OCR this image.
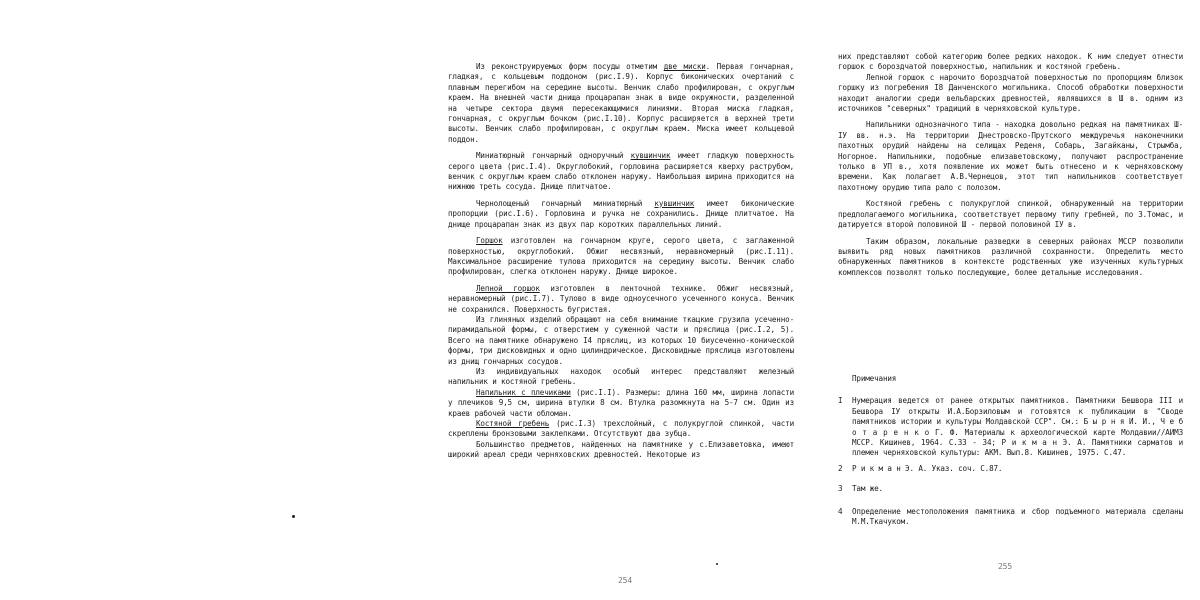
Из реконструируемых форм посуды отметим две миски. Первая гончарная, гладкая, с кольцевым поддоном (рис.I.9). Корпус биконических очертаний с плавным перегибом на середине высоты. Венчик слабо профилирован, с округлым краем. На внешней части днища процарапан знак в виде окружности, разделенной на четыре сектора двумя пересекающимися линиями. Вторая миска гладкая, гончарная, с округлым бочком (рис.I.10). Корпус расширяется в верхней трети высоты. Венчик слабо профилирован, с округлым краем. Миска имеет кольцевой поддон.

Миниатюрный гончарный одноручный кувшинчик имеет гладкую поверхность серого цвета (рис.I.4). Округлобокий, горловина расширяется кверху раструбом, венчик с округлым краем слабо отклонен наружу. Наибольшая ширина приходится на нижнюю треть сосуда. Днище плитчатое.

Чернолощеный гончарный миниатюрный кувшинчик имеет биконические пропорции (рис.I.6). Горловина и ручка не сохранились. Днище плитчатое. На днище процарапан знак из двух пар коротких параллельных линий.

Горшок изготовлен на гончарном круге, серого цвета, с заглаженной поверхностью, округлобокий. Обжиг несвязный, неравномерный (рис.I.11). Максимальное расширение тулова приходится на середину высоты. Венчик слабо профилирован, слегка отклонен наружу. Днище широкое.

Лепной горшок изготовлен в ленточной технике. Обжиг несвязный, неравномерный (рис.I.7). Тулово в виде одноусечного усеченного конуса. Венчик не сохранился. Поверхность бугристая.

Из глиняных изделий обращают на себя внимание ткацкие грузила усеченно-пирамидальной формы, с отверстием у суженной части и пряслица (рис.I.2, 5). Всего на памятнике обнаружено I4 пряслиц, из которых 10 биусеченно-конической формы, три дисковидных и одно цилиндрическое. Дисковидные пряслица изготовлены из днищ гончарных сосудов.

Из индивидуальных находок особый интерес представляют железный напильник и костяной гребень.

Напильник с плечиками (рис.I.I). Размеры: длина 160 мм, ширина лопасти у плечиков 9,5 см, ширина втулки 8 см. Втулка разомкнута на 5-7 см. Один из краев рабочей части обломан.

Костяной гребень (рис.I.3) трехслойный, с полукруглой спинкой, части скреплены бронзовыми заклепками. Отсутствуют два зубца.

Большинство предметов, найденных на памятнике у с.Елизаветовка, имеют широкий ареал среди черняховских древностей. Некоторые из

254

них представляют собой категорию более редких находок. К ним следует отнести горшок с бороздчатой поверхностью, напильник и костяной гребень.

Лепной горшок с нарочито бороздчатой поверхностью по пропорциям близок горшку из погребения I8 Данченского могильника. Способ обработки поверхности находит аналогии среди вельбарских древностей, являвшихся в Ш в. одним из источников "северных" традиций в черняховской культуре.

Напильники однозначного типа - находка довольно редкая на памятниках Ш-IУ вв. н.э. На территории Днестровско-Прутского междуречья наконечники пахотных орудий найдены на селищах Реденя, Собарь, Загайканы, Стрымба, Ногорное. Напильники, подобные елизаветовскому, получают распространение только в УП в., хотя появление их может быть отнесено и к черняховскому времени. Как полагает А.В.Чернецов, этот тип напильников соответствует пахотному орудию типа рало с полозом.

Костяной гребень с полукруглой спинкой, обнаруженный на территории предполагаемого могильника, соответствует первому типу гребней, по З.Томас, и датируется второй половиной Ш - первой половиной IУ в.

Таким образом, локальные разведки в северных районах МССР позволили выявить ряд новых памятников различной сохранности. Определить место обнаруженных памятников в контексте родственных уже изученных культурных комплексов позволят только последующие, более детальные исследования.

Примечания

I	Нумерация ведется от ранее открытых памятников. Памятники Бешвора III и Бешвора IУ открыты И.А.Борзиловым и готовятся к публикации в "Своде памятников истории и культуры Молдавской ССР". См.: Б ы р н я И. И., Ч е б о т а р е н к о Г. Ф. Материалы к археологической карте Молдавии//АИМЗ МССР. Кишинев, 1964. С.33 - 34; Р и к м а н Э. А. Памятники сарматов и племен черняховской культуры: АКМ. Вып.8. Кишинев, 1975. С.47.
2	Р и к м а н Э. А. Указ. соч. С.87.
3	Там же.
4	Определение местоположения памятника и сбор подъемного материала сделаны М.М.Ткачуком.
255
